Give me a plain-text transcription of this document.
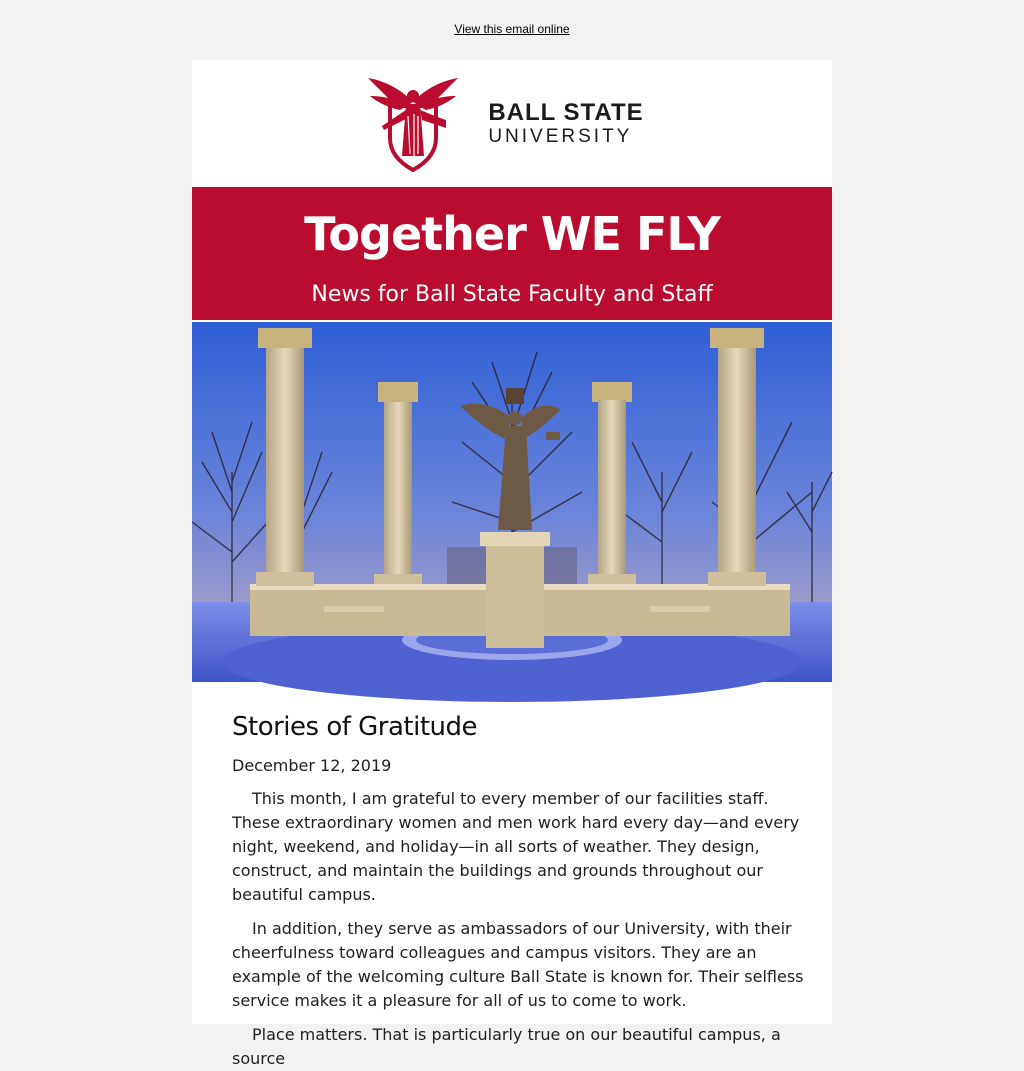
View this email online
BALL STATE
UNIVERSITY
Together WE FLY
News for Ball State Faculty and Staff
Stories of Gratitude
December 12, 2019

This month, I am grateful to every member of our facilities staff. These extraordinary women and men work hard every day—and every night, weekend, and holiday—in all sorts of weather. They design, construct, and maintain the buildings and grounds throughout our beautiful campus.

In addition, they serve as ambassadors of our University, with their cheerfulness toward colleagues and campus visitors. They are an example of the welcoming culture Ball State is known for. Their selfless service makes it a pleasure for all of us to come to work.

Place matters. That is particularly true on our beautiful campus, a source
